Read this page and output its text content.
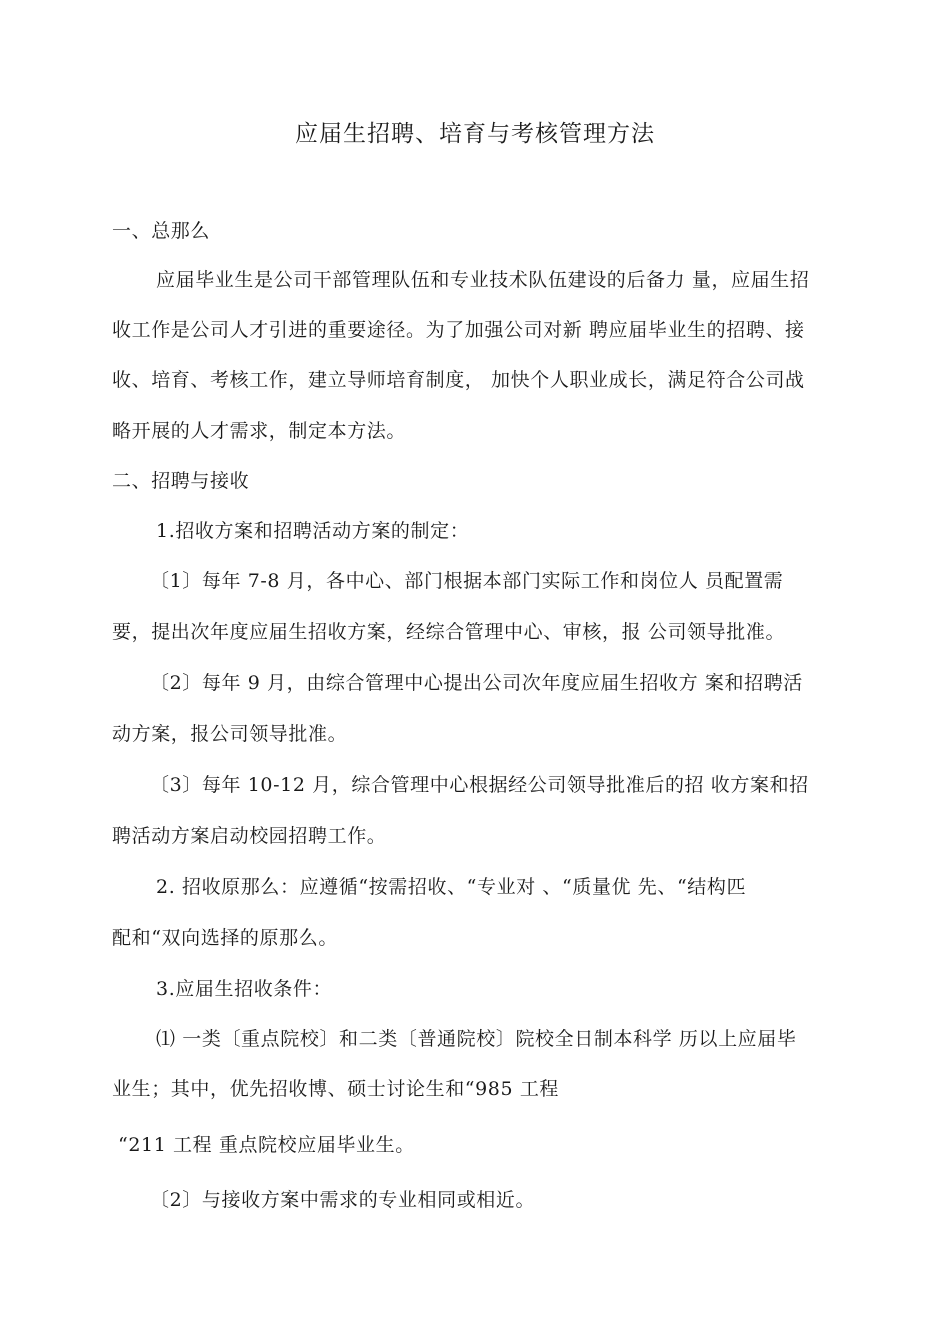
应届生招聘、培育与考核管理方法
一、总那么
应届毕业生是公司干部管理队伍和专业技术队伍建设的后备力 量，应届生招
收工作是公司人才引进的重要途径。为了加强公司对新 聘应届毕业生的招聘、接
收、培育、考核工作，建立导师培育制度， 加快个人职业成长，满足符合公司战
略开展的人才需求，制定本方法。
二、招聘与接收
1.招收方案和招聘活动方案的制定：
〔1〕每年 7-8 月，各中心、部门根据本部门实际工作和岗位人 员配置需
要，提出次年度应届生招收方案，经综合管理中心、审核，报 公司领导批准。
〔2〕每年 9 月，由综合管理中心提出公司次年度应届生招收方 案和招聘活
动方案，报公司领导批准。
〔3〕每年 10-12 月，综合管理中心根据经公司领导批准后的招 收方案和招
聘活动方案启动校园招聘工作。
2. 招收原那么：应遵循“按需招收、“专业对 、“质量优 先、“结构匹
配和“双向选择的原那么。
3.应届生招收条件：
⑴ 一类〔重点院校〕和二类〔普通院校〕院校全日制本科学 历以上应届毕
业生；其中，优先招收博、硕士讨论生和“985 工程
“211 工程 重点院校应届毕业生。
〔2〕与接收方案中需求的专业相同或相近。
